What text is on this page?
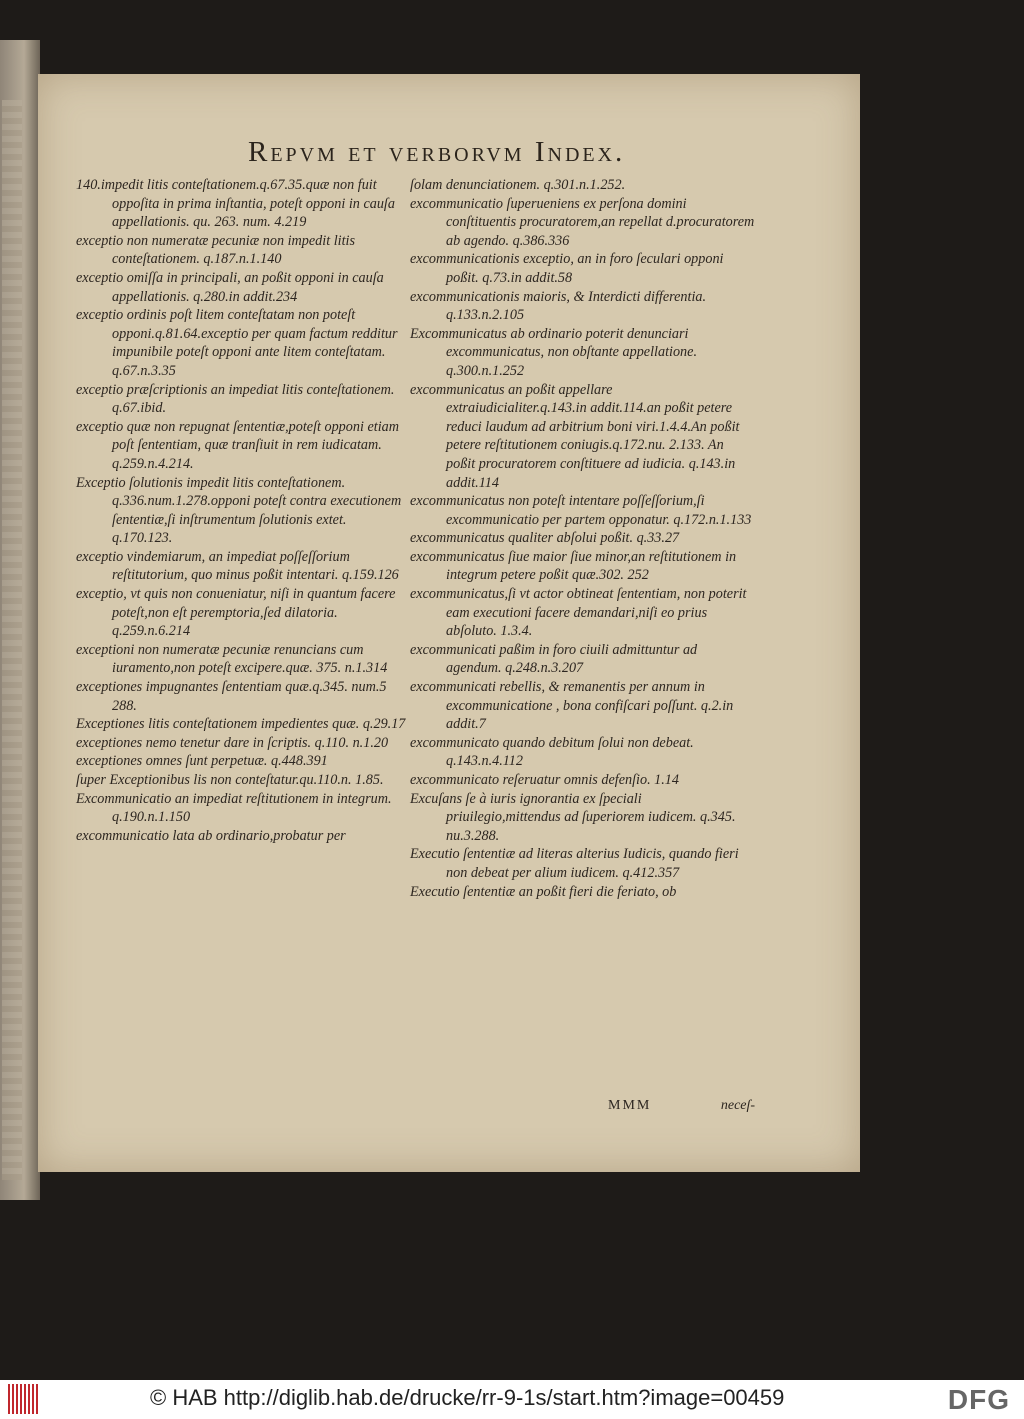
Repvm et verborvm Index.

140.impedit litis conteſtationem.q.67.35.quæ non fuit oppoſita in prima inſtantia, poteſt opponi in cauſa appellationis. qu. 263. num. 4.219

exceptio non numeratæ pecuniæ non impedit litis conteſtationem. q.187.n.1.140

exceptio omiſſa in principali, an poßit opponi in cauſa appellationis. q.280.in addit.234

exceptio ordinis poſt litem conteſtatam non poteſt opponi.q.81.64.exceptio per quam factum redditur impunibile poteſt opponi ante litem conteſtatam. q.67.n.3.35

exceptio præſcriptionis an impediat litis conteſtationem. q.67.ibid.

exceptio quæ non repugnat ſententiæ,poteſt opponi etiam poſt ſententiam, quæ tranſiuit in rem iudicatam. q.259.n.4.214.

Exceptio ſolutionis impedit litis conteſtationem. q.336.num.1.278.opponi poteſt contra executionem ſententiæ,ſi inſtrumentum ſolutionis extet. q.170.123.

exceptio vindemiarum, an impediat poſſeſſorium reſtitutorium, quo minus poßit intentari. q.159.126

exceptio, vt quis non conueniatur, niſi in quantum facere poteſt,non eſt peremptoria,ſed dilatoria. q.259.n.6.214

exceptioni non numeratæ pecuniæ renuncians cum iuramento,non poteſt excipere.quæ. 375. n.1.314

exceptiones impugnantes ſententiam quæ.q.345. num.5 288.

Exceptiones litis conteſtationem impedientes quæ. q.29.17

exceptiones nemo tenetur dare in ſcriptis. q.110. n.1.20

exceptiones omnes ſunt perpetuæ. q.448.391

ſuper Exceptionibus lis non conteſtatur.qu.110.n. 1.85.

Excommunicatio an impediat reſtitutionem in integrum. q.190.n.1.150

excommunicatio lata ab ordinario,probatur per

ſolam denunciationem. q.301.n.1.252.

excommunicatio ſuperueniens ex perſona domini conſtituentis procuratorem,an repellat d.procuratorem ab agendo. q.386.336

excommunicationis exceptio, an in foro ſeculari opponi poßit. q.73.in addit.58

excommunicationis maioris, & Interdicti differentia. q.133.n.2.105

Excommunicatus ab ordinario poterit denunciari excommunicatus, non obſtante appellatione. q.300.n.1.252

excommunicatus an poßit appellare extraiudicialiter.q.143.in addit.114.an poßit petere reduci laudum ad arbitrium boni viri.1.4.4.An poßit petere reſtitutionem coniugis.q.172.nu. 2.133. An poßit procuratorem conſtituere ad iudicia. q.143.in addit.114

excommunicatus non poteſt intentare poſſeſſorium,ſi excommunicatio per partem opponatur. q.172.n.1.133

excommunicatus qualiter abſolui poßit. q.33.27

excommunicatus ſiue maior ſiue minor,an reſtitutionem in integrum petere poßit quæ.302. 252

excommunicatus,ſi vt actor obtineat ſententiam, non poterit eam executioni facere demandari,niſi eo prius abſoluto. 1.3.4.

excommunicati paßim in foro ciuili admittuntur ad agendum. q.248.n.3.207

excommunicati rebellis, & remanentis per annum in excommunicatione , bona confiſcari poſſunt. q.2.in addit.7

excommunicato quando debitum ſolui non debeat. q.143.n.4.112

excommunicato reſeruatur omnis defenſio. 1.14

Excuſans ſe à iuris ignorantia ex ſpeciali priuilegio,mittendus ad ſuperiorem iudicem. q.345. nu.3.288.

Executio ſententiæ ad literas alterius Iudicis, quando fieri non debeat per alium iudicem. q.412.357

Executio ſententiæ an poßit fieri die feriato, ob

MMM	neceſ-
© HAB http://diglib.hab.de/drucke/rr-9-1s/start.htm?image=00459	DFG
